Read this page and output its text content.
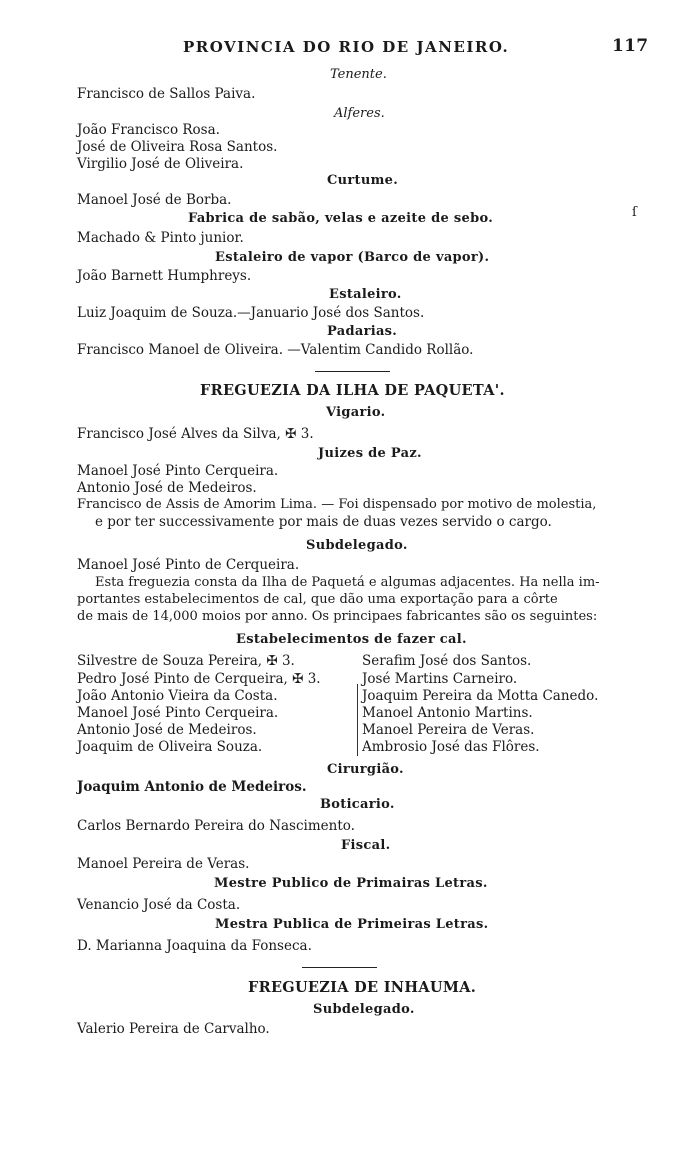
PROVINCIA DO RIO DE JANEIRO.	117
Tenente.
Francisco de Sallos Paiva.
Alferes.
João Francisco Rosa.
José de Oliveira Rosa Santos.
Virgilio José de Oliveira.
Curtume.
Manoel José de Borba.
Fabrica de sabão, velas e azeite de sebo.
Machado & Pinto junior.
ſ
Estaleiro de vapor (Barco de vapor).
João Barnett Humphreys.
Estaleiro.
Luiz Joaquim de Souza.—Januario José dos Santos.
Padarias.
Francisco Manoel de Oliveira. —Valentim Candido Rollão.
FREGUEZIA DA ILHA DE PAQUETA'.
Vigario.
Francisco José Alves da Silva, ✠ 3.
Juizes de Paz.
Manoel José Pinto Cerqueira.
Antonio José de Medeiros.
Francisco de Assis de Amorim Lima. — Foi dispensado por motivo de molestia,
e por ter successivamente por mais de duas vezes servido o cargo.
Subdelegado.
Manoel José Pinto de Cerqueira.
Esta freguezia consta da Ilha de Paquetá e algumas adjacentes. Ha nella im-
portantes estabelecimentos de cal, que dão uma exportação para a côrte
de mais de 14,000 moios por anno. Os principaes fabricantes são os seguintes:
Estabelecimentos de fazer cal.
Silvestre de Souza Pereira, ✠ 3.
Pedro José Pinto de Cerqueira, ✠ 3.
João Antonio Vieira da Costa.
Manoel José Pinto Cerqueira.
Antonio José de Medeiros.
Joaquim de Oliveira Souza.
Serafim José dos Santos.
José Martins Carneiro.
Joaquim Pereira da Motta Canedo.
Manoel Antonio Martins.
Manoel Pereira de Veras.
Ambrosio José das Flôres.
Cirurgião.
Joaquim Antonio de Medeiros.
Boticario.
Carlos Bernardo Pereira do Nascimento.
Fiscal.
Manoel Pereira de Veras.
Mestre Publico de Primairas Letras.
Venancio José da Costa.
Mestra Publica de Primeiras Letras.
D. Marianna Joaquina da Fonseca.
FREGUEZIA DE INHAUMA.
Subdelegado.
Valerio Pereira de Carvalho.
